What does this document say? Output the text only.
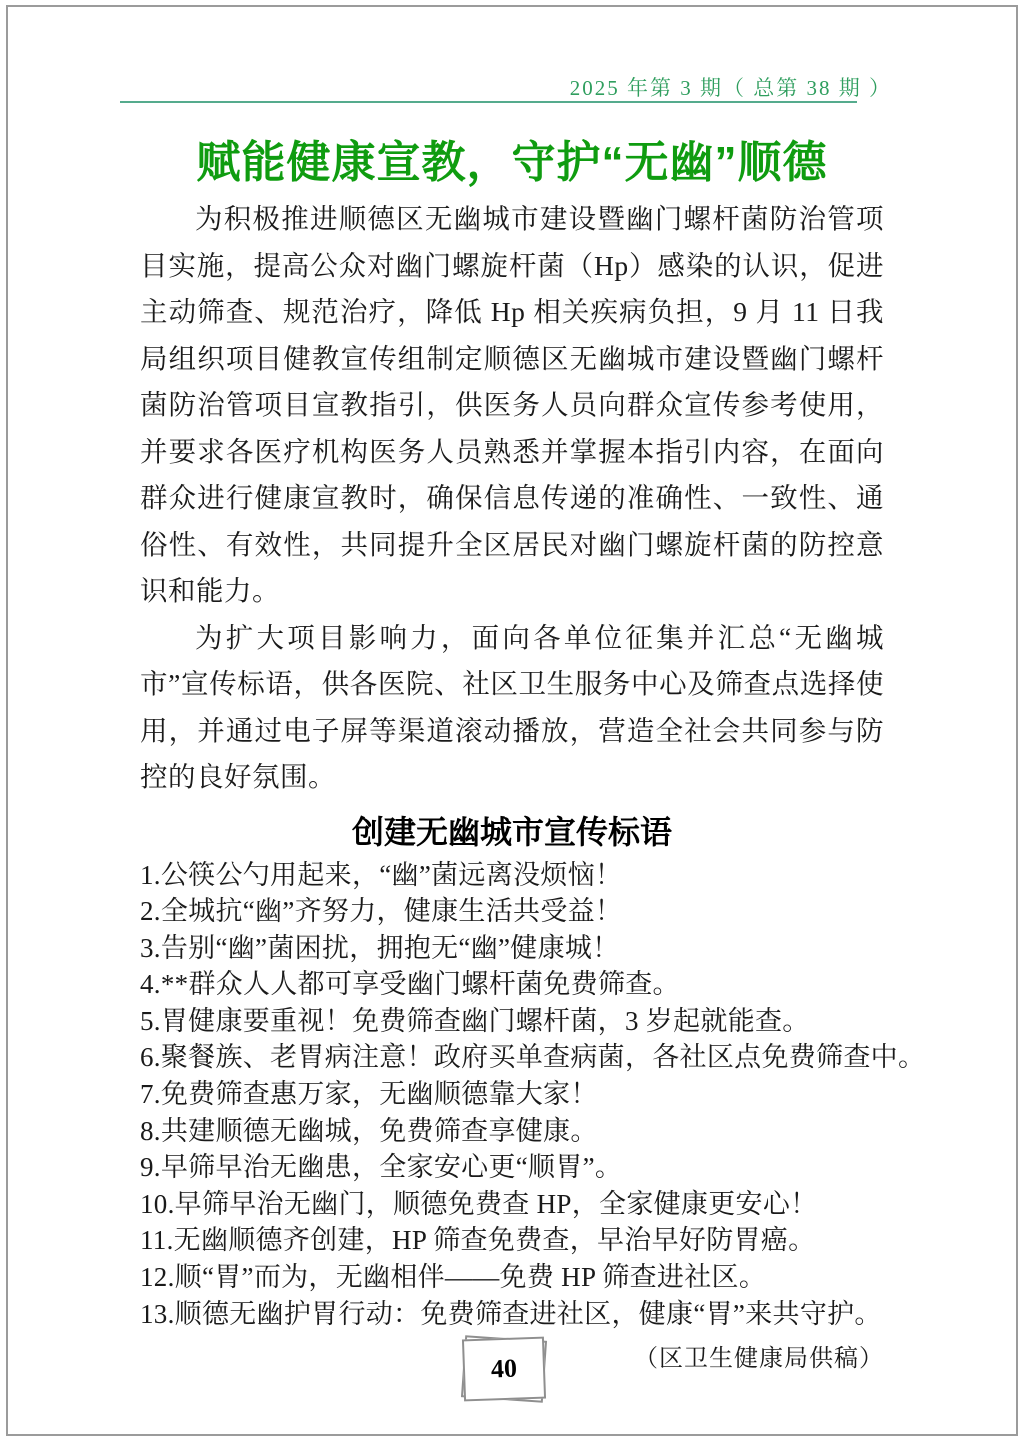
2025 年第 3 期（ 总第 38 期 ）
赋能健康宣教，守护“无幽”顺德

为积极推进顺德区无幽城市建设暨幽门螺杆菌防治管项目实施，提高公众对幽门螺旋杆菌（Hp）感染的认识，促进主动筛查、规范治疗，降低 Hp 相关疾病负担，9 月 11 日我局组织项目健教宣传组制定顺德区无幽城市建设暨幽门螺杆菌防治管项目宣教指引，供医务人员向群众宣传参考使用，并要求各医疗机构医务人员熟悉并掌握本指引内容，在面向群众进行健康宣教时，确保信息传递的准确性、一致性、通俗性、有效性，共同提升全区居民对幽门螺旋杆菌的防控意识和能力。

为扩大项目影响力，面向各单位征集并汇总“无幽城市”宣传标语，供各医院、社区卫生服务中心及筛查点选择使用，并通过电子屏等渠道滚动播放，营造全社会共同参与防控的良好氛围。

创建无幽城市宣传标语
1.公筷公勺用起来，“幽”菌远离没烦恼！
2.全城抗“幽”齐努力，健康生活共受益！
3.告别“幽”菌困扰，拥抱无“幽”健康城！
4.**群众人人都可享受幽门螺杆菌免费筛查。
5.胃健康要重视！免费筛查幽门螺杆菌，3 岁起就能查。
6.聚餐族、老胃病注意！政府买单查病菌，各社区点免费筛查中。
7.免费筛查惠万家，无幽顺德靠大家！
8.共建顺德无幽城，免费筛查享健康。
9.早筛早治无幽患，全家安心更“顺胃”。
10.早筛早治无幽门，顺德免费查 HP，全家健康更安心！
11.无幽顺德齐创建，HP 筛查免费查，早治早好防胃癌。
12.顺“胃”而为，无幽相伴——免费 HP 筛查进社区。
13.顺德无幽护胃行动：免费筛查进社区，健康“胃”来共守护。
（区卫生健康局供稿）
40
